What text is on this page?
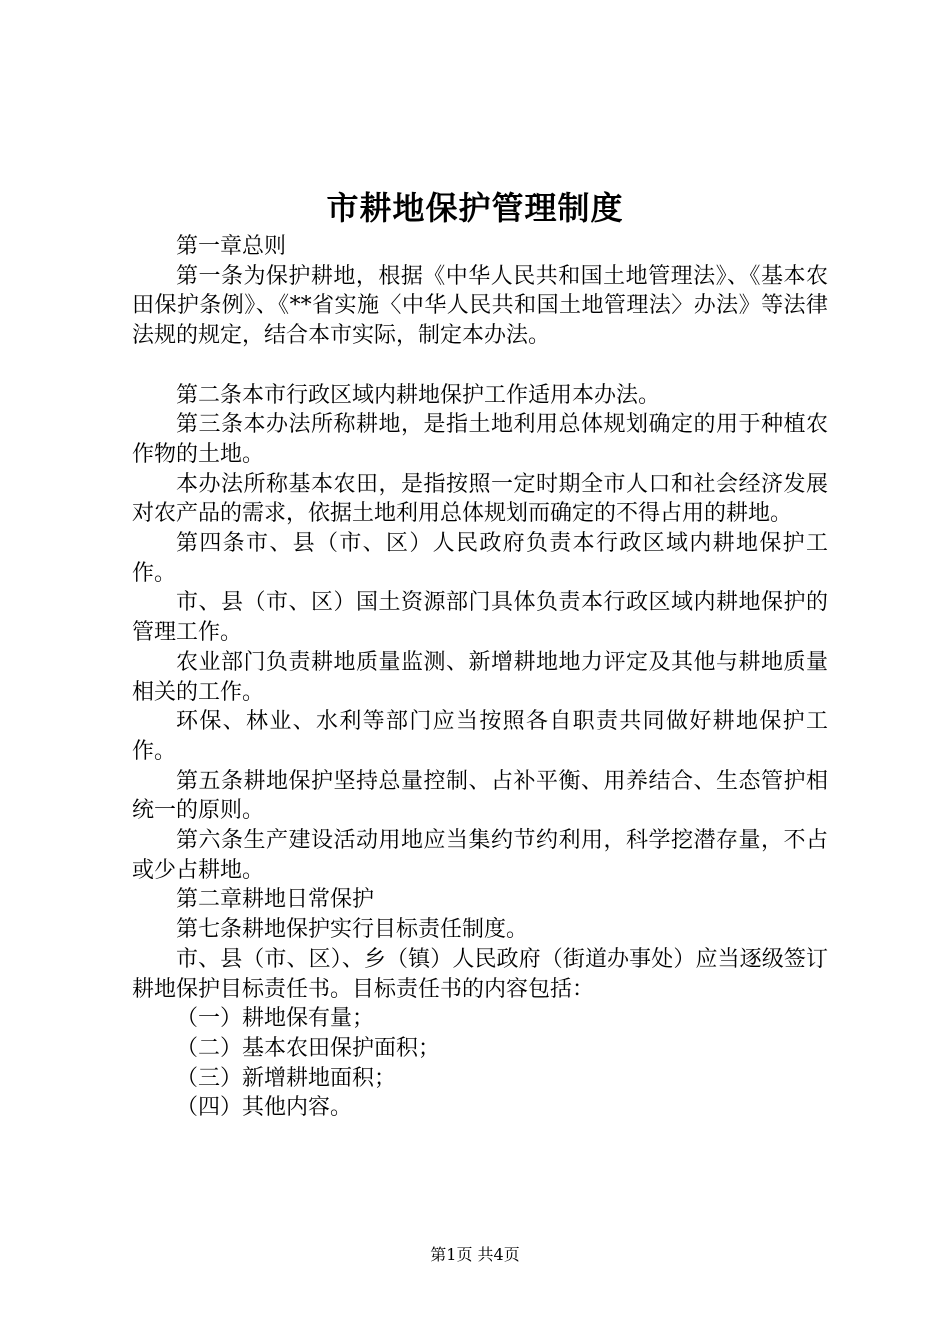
市耕地保护管理制度

第一章总则

第一条为保护耕地，根据《中华人民共和国土地管理法》、《基本农田保护条例》、《**省实施〈中华人民共和国土地管理法〉办法》等法律法规的规定，结合本市实际，制定本办法。

第二条本市行政区域内耕地保护工作适用本办法。

第三条本办法所称耕地，是指土地利用总体规划确定的用于种植农作物的土地。

本办法所称基本农田，是指按照一定时期全市人口和社会经济发展对农产品的需求，依据土地利用总体规划而确定的不得占用的耕地。

第四条市、县（市、区）人民政府负责本行政区域内耕地保护工作。

市、县（市、区）国土资源部门具体负责本行政区域内耕地保护的管理工作。

农业部门负责耕地质量监测、新增耕地地力评定及其他与耕地质量相关的工作。

环保、林业、水利等部门应当按照各自职责共同做好耕地保护工作。

第五条耕地保护坚持总量控制、占补平衡、用养结合、生态管护相统一的原则。

第六条生产建设活动用地应当集约节约利用，科学挖潜存量，不占或少占耕地。

第二章耕地日常保护

第七条耕地保护实行目标责任制度。

市、县（市、区）、乡（镇）人民政府（街道办事处）应当逐级签订耕地保护目标责任书。目标责任书的内容包括：

（一）耕地保有量；

（二）基本农田保护面积；

（三）新增耕地面积；

（四）其他内容。

第1页 共4页
